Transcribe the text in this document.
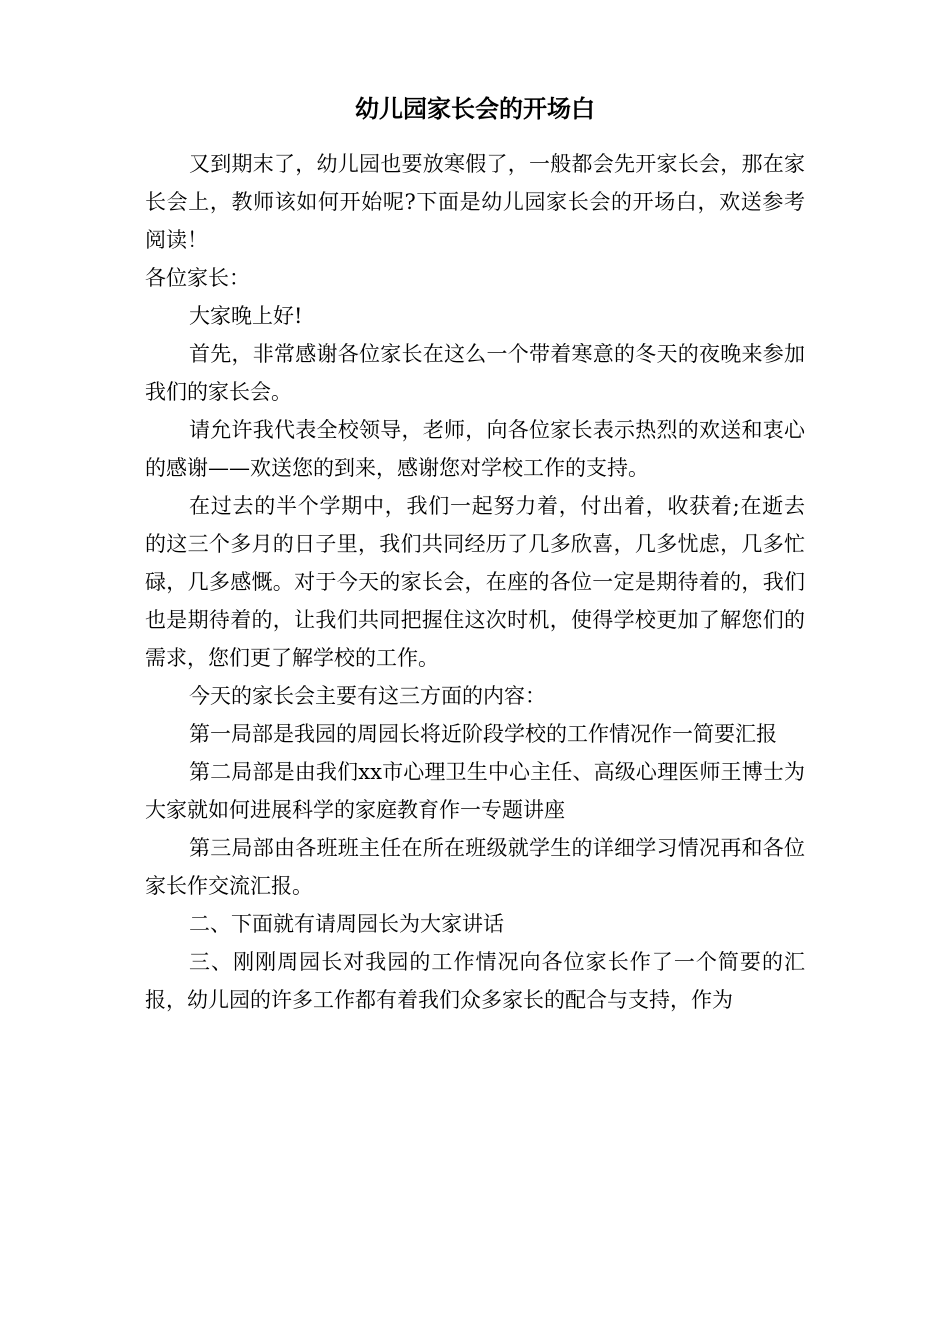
幼儿园家长会的开场白

又到期末了，幼儿园也要放寒假了，一般都会先开家长会，那在家长会上，教师该如何开始呢?下面是幼儿园家长会的开场白，欢送参考阅读！

各位家长：

大家晚上好!

首先，非常感谢各位家长在这么一个带着寒意的冬天的夜晚来参加我们的家长会。

请允许我代表全校领导，老师，向各位家长表示热烈的欢送和衷心的感谢——欢送您的到来，感谢您对学校工作的支持。

在过去的半个学期中，我们一起努力着，付出着，收获着;在逝去的这三个多月的日子里，我们共同经历了几多欣喜，几多忧虑，几多忙碌，几多感慨。对于今天的家长会，在座的各位一定是期待着的，我们也是期待着的，让我们共同把握住这次时机，使得学校更加了解您们的需求，您们更了解学校的工作。

今天的家长会主要有这三方面的内容：

第一局部是我园的周园长将近阶段学校的工作情况作一简要汇报

第二局部是由我们xx市心理卫生中心主任、高级心理医师王博士为大家就如何进展科学的家庭教育作一专题讲座

第三局部由各班班主任在所在班级就学生的详细学习情况再和各位家长作交流汇报。

二、下面就有请周园长为大家讲话

三、刚刚周园长对我园的工作情况向各位家长作了一个简要的汇报，幼儿园的许多工作都有着我们众多家长的配合与支持，作为
